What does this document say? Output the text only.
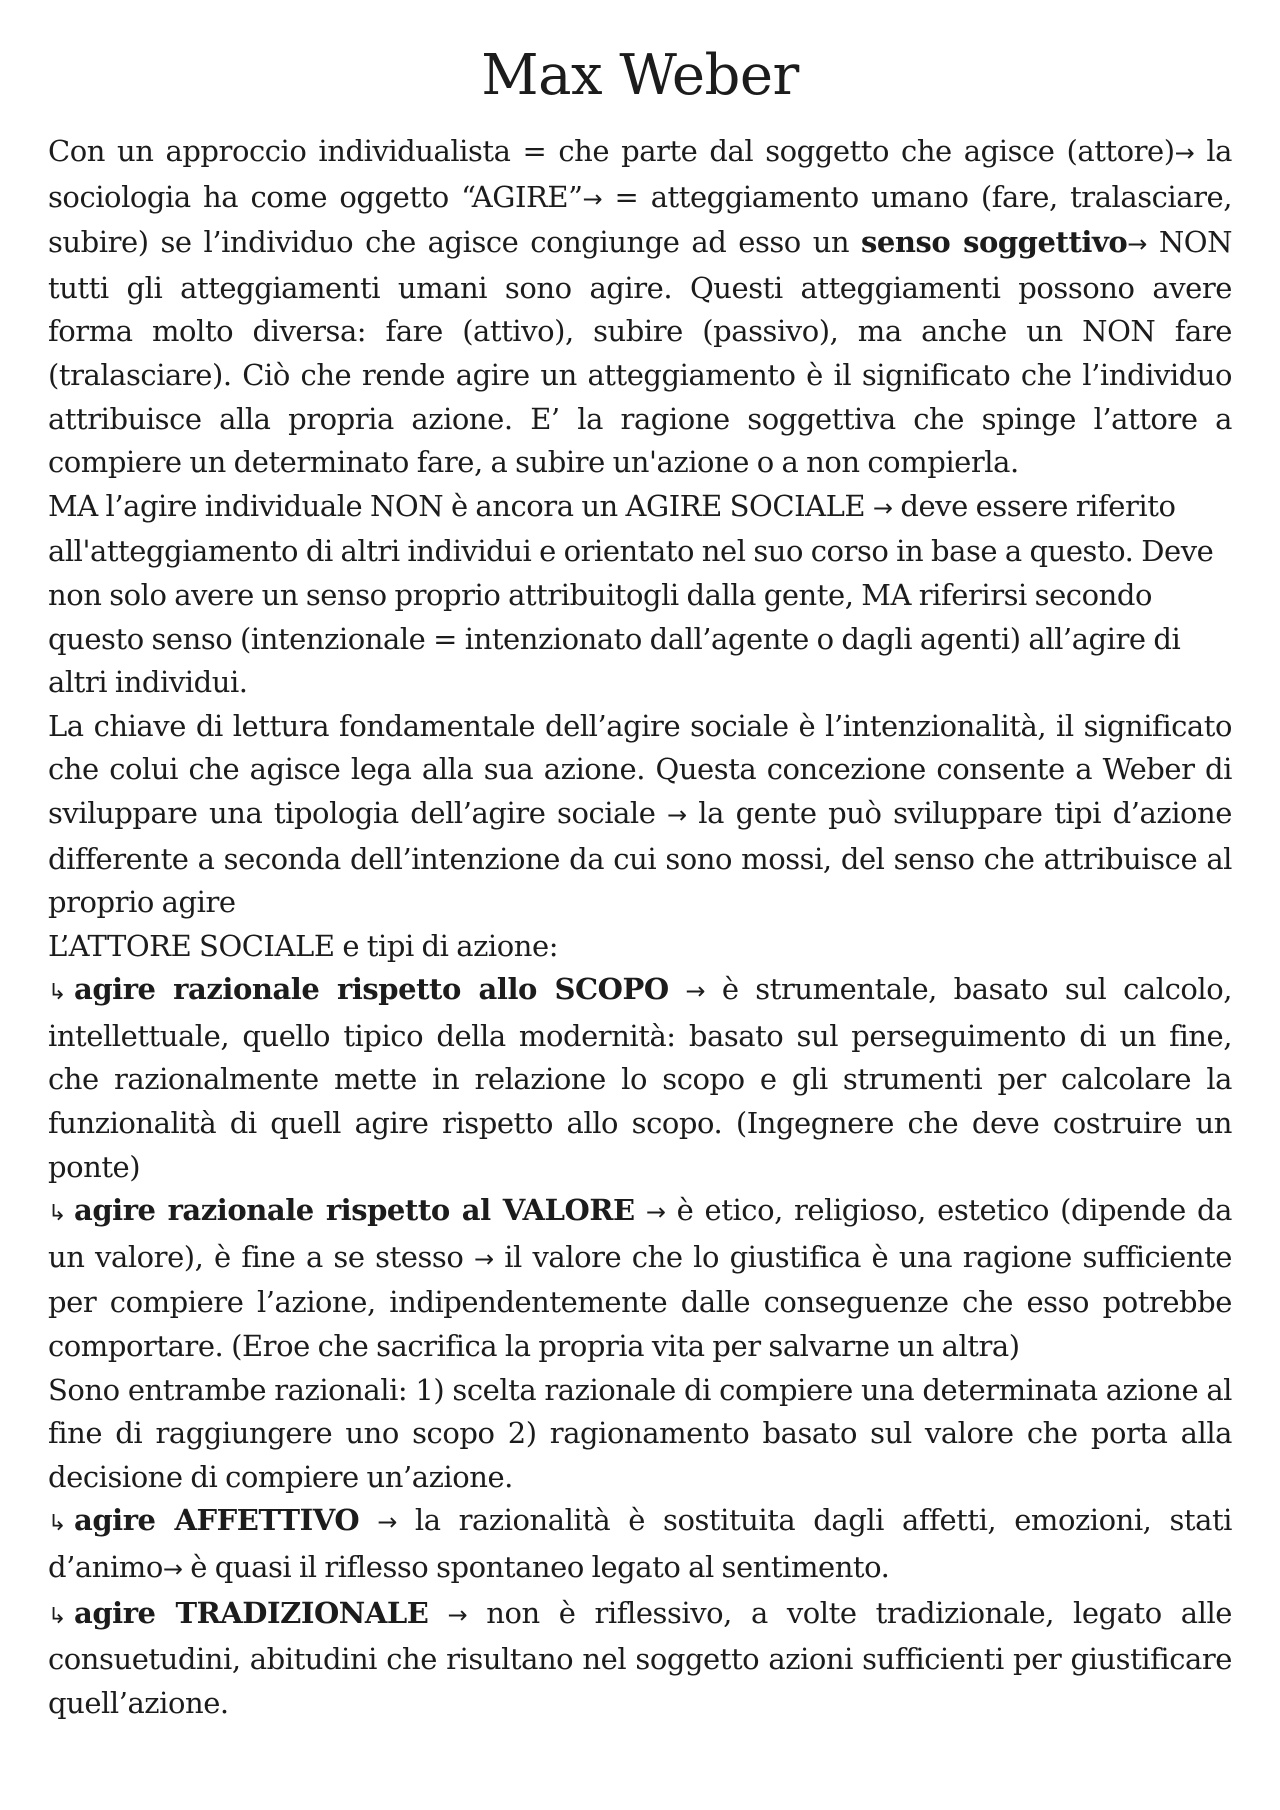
Max Weber

Con un approccio individualista = che parte dal soggetto che agisce (attore)→ la sociologia ha come oggetto “AGIRE”→ = atteggiamento umano (fare, tralasciare, subire) se l’individuo che agisce congiunge ad esso un senso soggettivo→ NON tutti gli atteggiamenti umani sono agire. Questi atteggiamenti possono avere forma molto diversa: fare (attivo), subire (passivo), ma anche un NON fare (tralasciare). Ciò che rende agire un atteggiamento è il significato che l’individuo attribuisce alla propria azione. E’ la ragione soggettiva che spinge l’attore a compiere un determinato fare, a subire un'azione o a non compierla.

MA l’agire individuale NON è ancora un AGIRE SOCIALE → deve essere riferito all'atteggiamento di altri individui e orientato nel suo corso in base a questo. Deve non solo avere un senso proprio attribuitogli dalla gente, MA riferirsi secondo questo senso (intenzionale = intenzionato dall’agente o dagli agenti) all’agire di altri individui.

La chiave di lettura fondamentale dell’agire sociale è l’intenzionalità, il significato che colui che agisce lega alla sua azione. Questa concezione consente a Weber di sviluppare una tipologia dell’agire sociale → la gente può sviluppare tipi d’azione differente a seconda dell’intenzione da cui sono mossi, del senso che attribuisce al proprio agire

L’ATTORE SOCIALE e tipi di azione:

↳ agire razionale rispetto allo SCOPO → è strumentale, basato sul calcolo, intellettuale, quello tipico della modernità: basato sul perseguimento di un fine, che razionalmente mette in relazione lo scopo e gli strumenti per calcolare la funzionalità di quell agire rispetto allo scopo. (Ingegnere che deve costruire un ponte)

↳ agire razionale rispetto al VALORE → è etico, religioso, estetico (dipende da un valore), è fine a se stesso → il valore che lo giustifica è una ragione sufficiente per compiere l’azione, indipendentemente dalle conseguenze che esso potrebbe comportare. (Eroe che sacrifica la propria vita per salvarne un altra)

Sono entrambe razionali: 1) scelta razionale di compiere una determinata azione al fine di raggiungere uno scopo 2) ragionamento basato sul valore che porta alla decisione di compiere un’azione.

↳ agire AFFETTIVO → la razionalità è sostituita dagli affetti, emozioni, stati d’animo→ è quasi il riflesso spontaneo legato al sentimento.

↳ agire TRADIZIONALE → non è riflessivo, a volte tradizionale, legato alle consuetudini, abitudini che risultano nel soggetto azioni sufficienti per giustificare quell’azione.
